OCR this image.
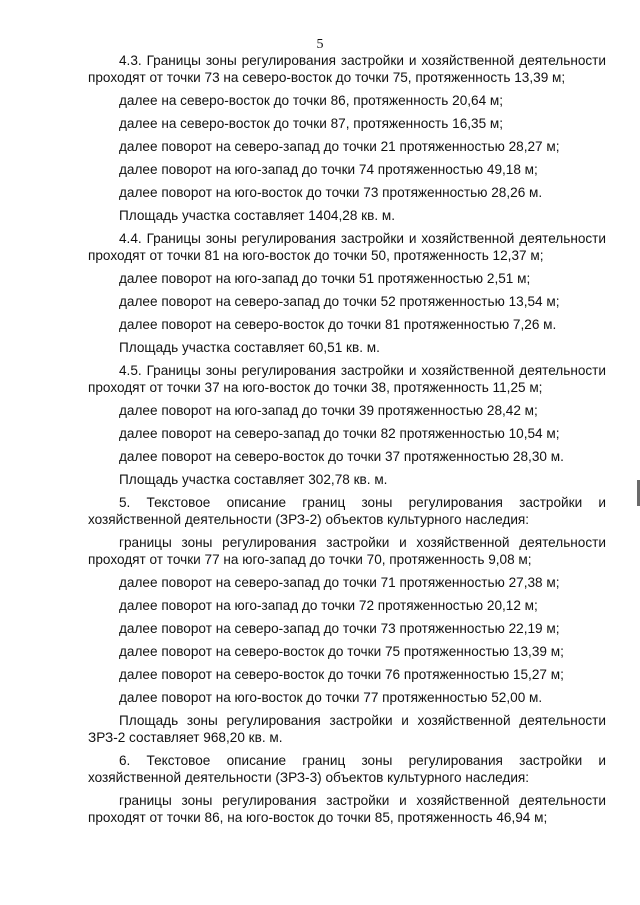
5

4.3. Границы зоны регулирования застройки и хозяйственной деятельности проходят от точки 73 на северо-восток до точки 75, протяженность 13,39 м;

далее на северо-восток до точки 86, протяженность 20,64 м;

далее на северо-восток до точки 87, протяженность 16,35 м;

далее поворот на северо-запад до точки 21 протяженностью 28,27 м;

далее поворот на юго-запад до точки 74 протяженностью 49,18 м;

далее поворот на юго-восток до точки 73 протяженностью 28,26 м.

Площадь участка составляет 1404,28 кв. м.

4.4. Границы зоны регулирования застройки и хозяйственной деятельности проходят от точки 81 на юго-восток до точки 50, протяженность 12,37 м;

далее поворот на юго-запад до точки 51 протяженностью 2,51 м;

далее поворот на северо-запад до точки 52 протяженностью 13,54 м;

далее поворот на северо-восток до точки 81 протяженностью 7,26 м.

Площадь участка составляет 60,51 кв. м.

4.5. Границы зоны регулирования застройки и хозяйственной деятельности проходят от точки 37 на юго-восток до точки 38, протяженность 11,25 м;

далее поворот на юго-запад до точки 39 протяженностью 28,42 м;

далее поворот на северо-запад до точки 82 протяженностью 10,54 м;

далее поворот на северо-восток до точки 37 протяженностью 28,30 м.

Площадь участка составляет 302,78 кв. м.

5. Текстовое описание границ зоны регулирования застройки и хозяйственной деятельности (ЗРЗ-2) объектов культурного наследия:

границы зоны регулирования застройки и хозяйственной деятельности проходят от точки 77 на юго-запад до точки 70, протяженность 9,08 м;

далее поворот на северо-запад до точки 71 протяженностью 27,38 м;

далее поворот на юго-запад до точки 72 протяженностью 20,12 м;

далее поворот на северо-запад до точки 73 протяженностью 22,19 м;

далее поворот на северо-восток до точки 75 протяженностью 13,39 м;

далее поворот на северо-восток до точки 76 протяженностью 15,27 м;

далее поворот на юго-восток до точки 77 протяженностью 52,00 м.

Площадь зоны регулирования застройки и хозяйственной деятельности ЗРЗ-2 составляет 968,20 кв. м.

6. Текстовое описание границ зоны регулирования застройки и хозяйственной деятельности (ЗРЗ-3) объектов культурного наследия:

границы зоны регулирования застройки и хозяйственной деятельности проходят от точки 86, на юго-восток до точки 85, протяженность 46,94 м;
